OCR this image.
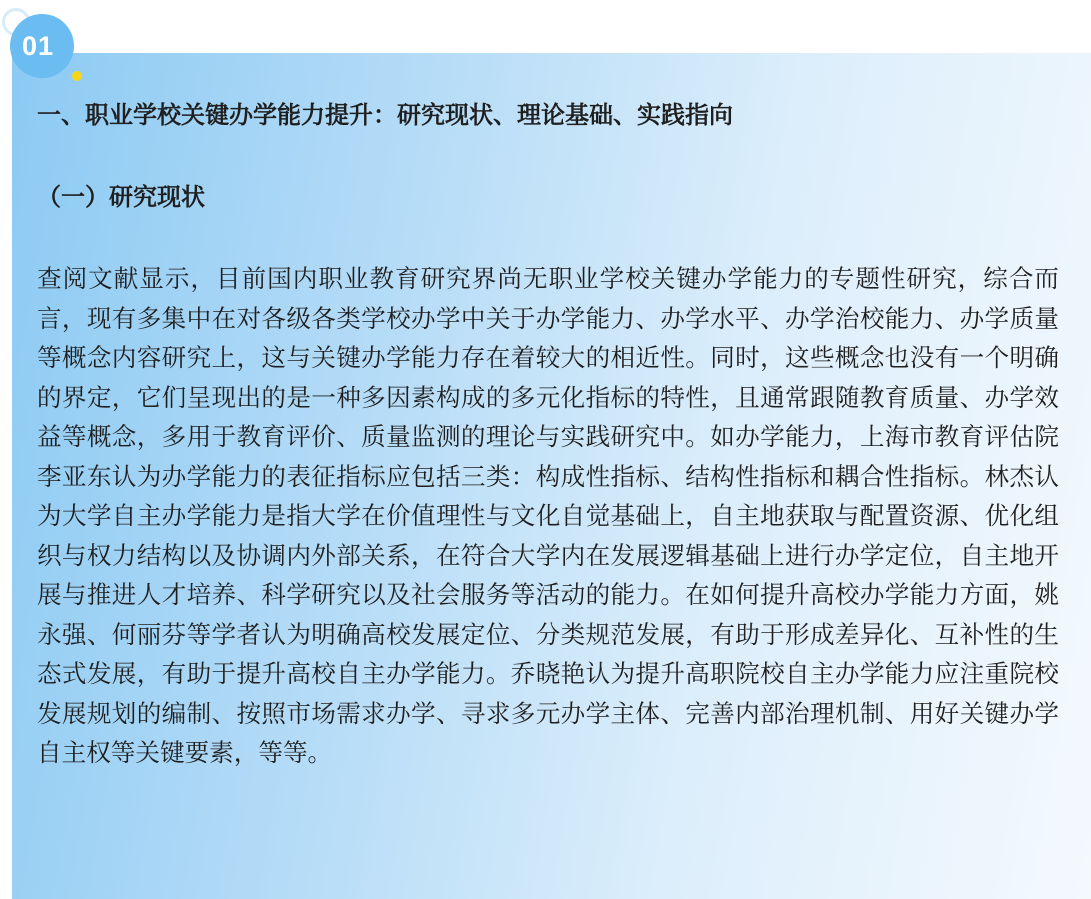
01
一、职业学校关键办学能力提升：研究现状、理论基础、实践指向
（一）研究现状

查阅文献显示，目前国内职业教育研究界尚无职业学校关键办学能力的专题性研究，综合而言，现有多集中在对各级各类学校办学中关于办学能力、办学水平、办学治校能力、办学质量等概念内容研究上，这与关键办学能力存在着较大的相近性。同时，这些概念也没有一个明确的界定，它们呈现出的是一种多因素构成的多元化指标的特性，且通常跟随教育质量、办学效益等概念，多用于教育评价、质量监测的理论与实践研究中。如办学能力，上海市教育评估院李亚东认为办学能力的表征指标应包括三类：构成性指标、结构性指标和耦合性指标。林杰认为大学自主办学能力是指大学在价值理性与文化自觉基础上，自主地获取与配置资源、优化组织与权力结构以及协调内外部关系，在符合大学内在发展逻辑基础上进行办学定位，自主地开展与推进人才培养、科学研究以及社会服务等活动的能力。在如何提升高校办学能力方面，姚永强、何丽芬等学者认为明确高校发展定位、分类规范发展，有助于形成差异化、互补性的生态式发展，有助于提升高校自主办学能力。乔晓艳认为提升高职院校自主办学能力应注重院校发展规划的编制、按照市场需求办学、寻求多元办学主体、完善内部治理机制、用好关键办学自主权等关键要素，等等。
